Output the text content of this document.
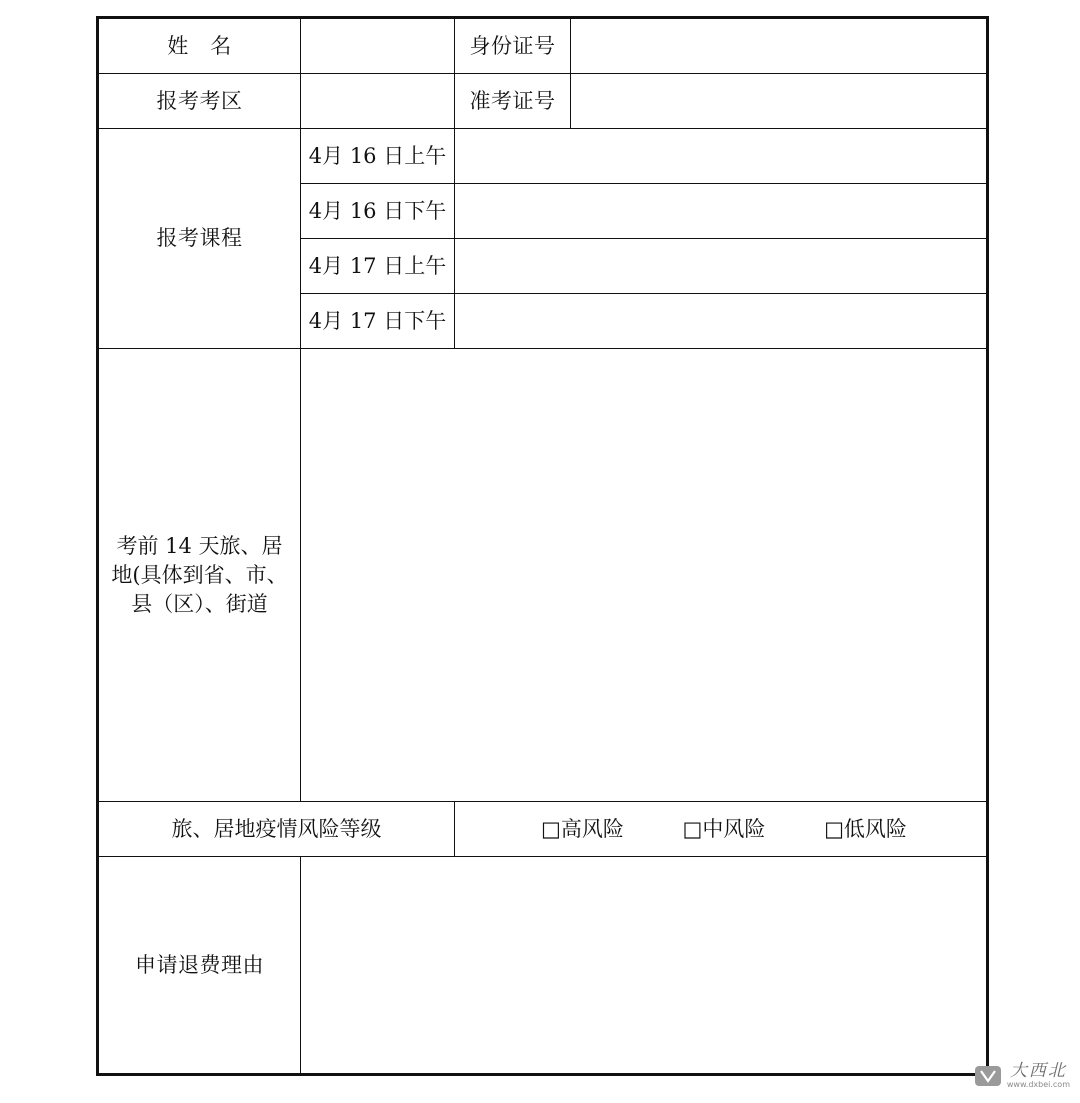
姓　名		身份证号	
报考考区		准考证号	
报考课程	4月 16 日上午		
	4月 16 日下午		
	4月 17 日上午		
	4月 17 日下午		

考前 14 天旅、居地(具体到省、市、县（区）、街道			

旅、居地疫情风险等级		□高风险 □中风险 □低风险	
申请退费理由			
大西北
www.dxbei.com
